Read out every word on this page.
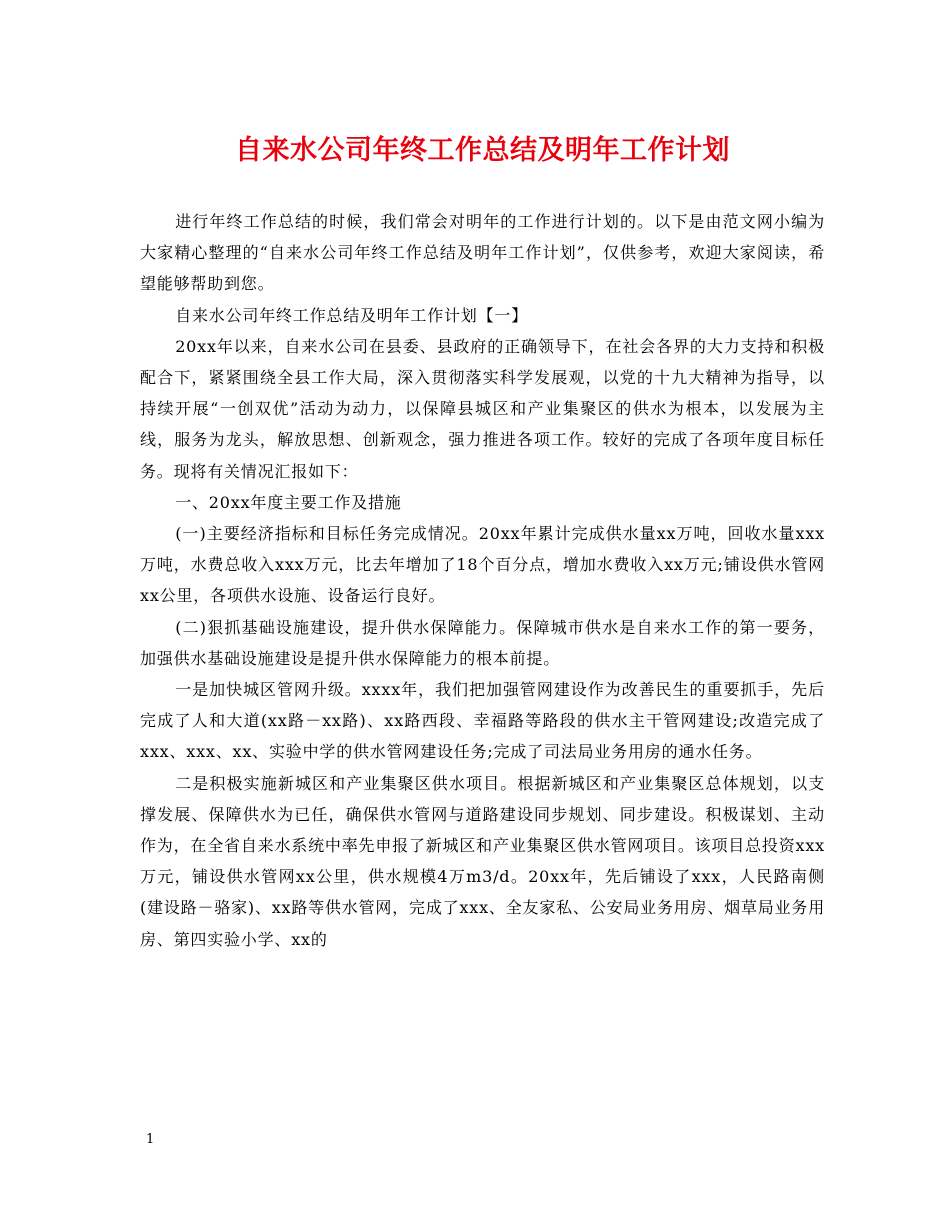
自来水公司年终工作总结及明年工作计划

进行年终工作总结的时候，我们常会对明年的工作进行计划的。以下是由范文网小编为大家精心整理的“自来水公司年终工作总结及明年工作计划”，仅供参考，欢迎大家阅读，希望能够帮助到您。

自来水公司年终工作总结及明年工作计划【一】

20xx年以来，自来水公司在县委、县政府的正确领导下，在社会各界的大力支持和积极配合下，紧紧围绕全县工作大局，深入贯彻落实科学发展观，以党的十九大精神为指导，以持续开展“一创双优”活动为动力，以保障县城区和产业集聚区的供水为根本，以发展为主线，服务为龙头，解放思想、创新观念，强力推进各项工作。较好的完成了各项年度目标任务。现将有关情况汇报如下：

一、20xx年度主要工作及措施

(一)主要经济指标和目标任务完成情况。20xx年累计完成供水量xx万吨，回收水量xxx万吨，水费总收入xxx万元，比去年增加了18个百分点，增加水费收入xx万元;铺设供水管网xx公里，各项供水设施、设备运行良好。

(二)狠抓基础设施建设，提升供水保障能力。保障城市供水是自来水工作的第一要务，加强供水基础设施建设是提升供水保障能力的根本前提。

一是加快城区管网升级。xxxx年，我们把加强管网建设作为改善民生的重要抓手，先后完成了人和大道(xx路－xx路)、xx路西段、幸福路等路段的供水主干管网建设;改造完成了xxx、xxx、xx、实验中学的供水管网建设任务;完成了司法局业务用房的通水任务。

二是积极实施新城区和产业集聚区供水项目。根据新城区和产业集聚区总体规划，以支撑发展、保障供水为已任，确保供水管网与道路建设同步规划、同步建设。积极谋划、主动作为，在全省自来水系统中率先申报了新城区和产业集聚区供水管网项目。该项目总投资xxx万元，铺设供水管网xx公里，供水规模4万m3/d。20xx年，先后铺设了xxx，人民路南侧(建设路－骆家)、xx路等供水管网，完成了xxx、全友家私、公安局业务用房、烟草局业务用房、第四实验小学、xx的

1
